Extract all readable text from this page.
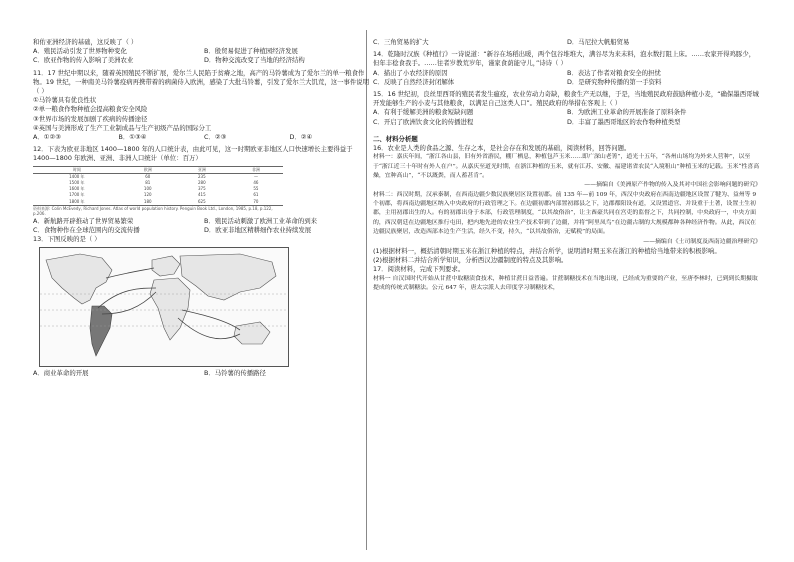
和佑亚洲经济的基础，这反映了（ ）

A．殖民活动引发了世界物种变化	B．殷贸易促进了种植园经济发展
C．欧亚作物的传入影响了美洲农业	D．物种交流改变了当地的经济结构

11．17 世纪中期以来，随着英国殖民不断扩展，爱尔兰人民陷于贫瘠之地，高产的马铃薯成为了爱尔兰的单一粮食作物。19 世纪，一种南美马铃薯疫病再携带着的病菌侍入欧洲，感染了大批马铃薯，引发了爱尔兰大饥荒，这一事件说明（ ）

①马铃薯具有优良性状

②单一粮食作物种植会提高粮食安全风险

③世界市场的发展加剧了疾病的传播途径

④英国与美洲形成了生产工业制成品与生产初级产品的国际分工

A．①②③	B．①③④	C．②③	D．②④

12．下表为欧亚非地区 1400—1800 年的人口统计表，由此可见，这一时期欧亚非地区人口快速增长主要得益于

1400—1800 年欧洲、亚洲、非洲人口统计（单位：百万）

时间	欧洲	亚洲	非洲
1400 年	60	235	—
1500 年	81	280	46
1600 年	100	375	55
1700 年	120	415	61
1800 年	180	625	70

资料来源: Colin McEvedy, Richard Jones. Atlas of world population history. Penguin Book Ltd., London, 1985, p.18, p.122, p.206.

A．新航路开辟推动了世界贸易繁荣	B．殖民活动刺激了欧洲工业革命的到来
C．食物种作在全球范围内的交流传播	D．欧亚非地区精耕细作农业持续发展

13．下图反映的是（ ）

A．商业革命的开展	B．马铃薯的传播路径
C．三角贸易的扩大	D．马尼拉大帆船贸易

14．乾隆时汉族《种植行》一诗说道：“新谷在场稻出暖，两个包谷堆堆大，满谷尽为来未料，泡水数打阻上床。……农家开得鸡豚少，但年丰稔食我手。……往者岁教荒岁年，谨家食荫能守儿，”诗诗（ ）

A．描出了小农经济的原因	B．表达了作者对粮食安全的担忧
C．反映了自然经济封闭解体	D．是研究物种传播的第一手资料

15．16 世纪初，良丝里西哥的殖民者发生瘟疫，农业劳动力奇缺，粮食生产无以继，于是，当地殖民政府鼓励种植小麦，“确保墨西哥城开发能够生产的小麦与其他粮食，以满足自己这类人口”。殖民政府的举措在客观上（ ）

A．有利于缓解美洲的粮食短缺问题	B．为欧洲工业革命的开展准备了原料条件
C．开启了欧洲饮食文化的传播进程	D．丰富了墨西哥地区的农作物种植类型

二、材料分析题

16．农业是人类的食品之源、生存之本，是社会存在和发展的基础，阅读材料，回答问题。

材料一：嘉庆年间，“浙江各山县，旧有外省游民，棚厂栖息，种植包芦玉米……即广深山老箐”，道光十五年，“各州山场均为外来人营种”，以至于“浙江近三十年时有外人在户”。从嘉庆至道光时期，在浙江种植的玉米，就有江苏、安徽、福建诸省农民“入境租山”种植玉米的记载。玉米“性喜高燥，宜种高山”，“不以溉粪，而人蓄甚肯”。

——摘编自《美洲原产作物的传入及其对中国社会影响问题的研究》

材料二：西汉时期，汉承秦制，在西南边疆少数民族聚居区设置初郡。前 135 年—前 109 年，西汉中央政府在西南边疆地区设置了犍为、益州等 9 个初郡，将西南边疆地区纳入中央政府的行政管理之下。在边疆初郡内部置初郡县之下，边郡都阳设有道，又设置道官、并设重于土著，设置土生初郡，主用初郡出生的人。有的初郡出身于本部，行政管理制度，“以其故俗治”，让主酋豪共同在宫吏的监督之下，共同控制，中央政府一，中央方面的，西汉朝廷在边疆地区推行屯田，把内地先进的农业生产技术带到了边疆，并将“阿里凤鸟”在边疆古制的大规模都种各种经济作物。从此，西汉在边疆民族聚居，改造西部本边生产生活，经久不变，持久，“以其故俗治，无赋税”的局面。

——摘编自《土司制度及西南边疆治理研究》

(1)根据材料一，概括清朝时期玉米在浙江种植的特点，并结合所学，说明清时期玉米在浙江的种植给当地带来的积极影响。

(2)根据材料二并结合所学知识，分析西汉边疆制度的特点及其影响。

17．阅读材料，完成下列要求。

材料一 自汉国时代开始从甘蔗中取糖渍食技术，种植甘蔗日益普遍。甘蔗制糖技术在当地出现，已经成为重要的产业，至唐李林时，已到到长期摄取提成的传统式制糖法。公元 647 年，唐太宗派人去印度学习制糖技术，
